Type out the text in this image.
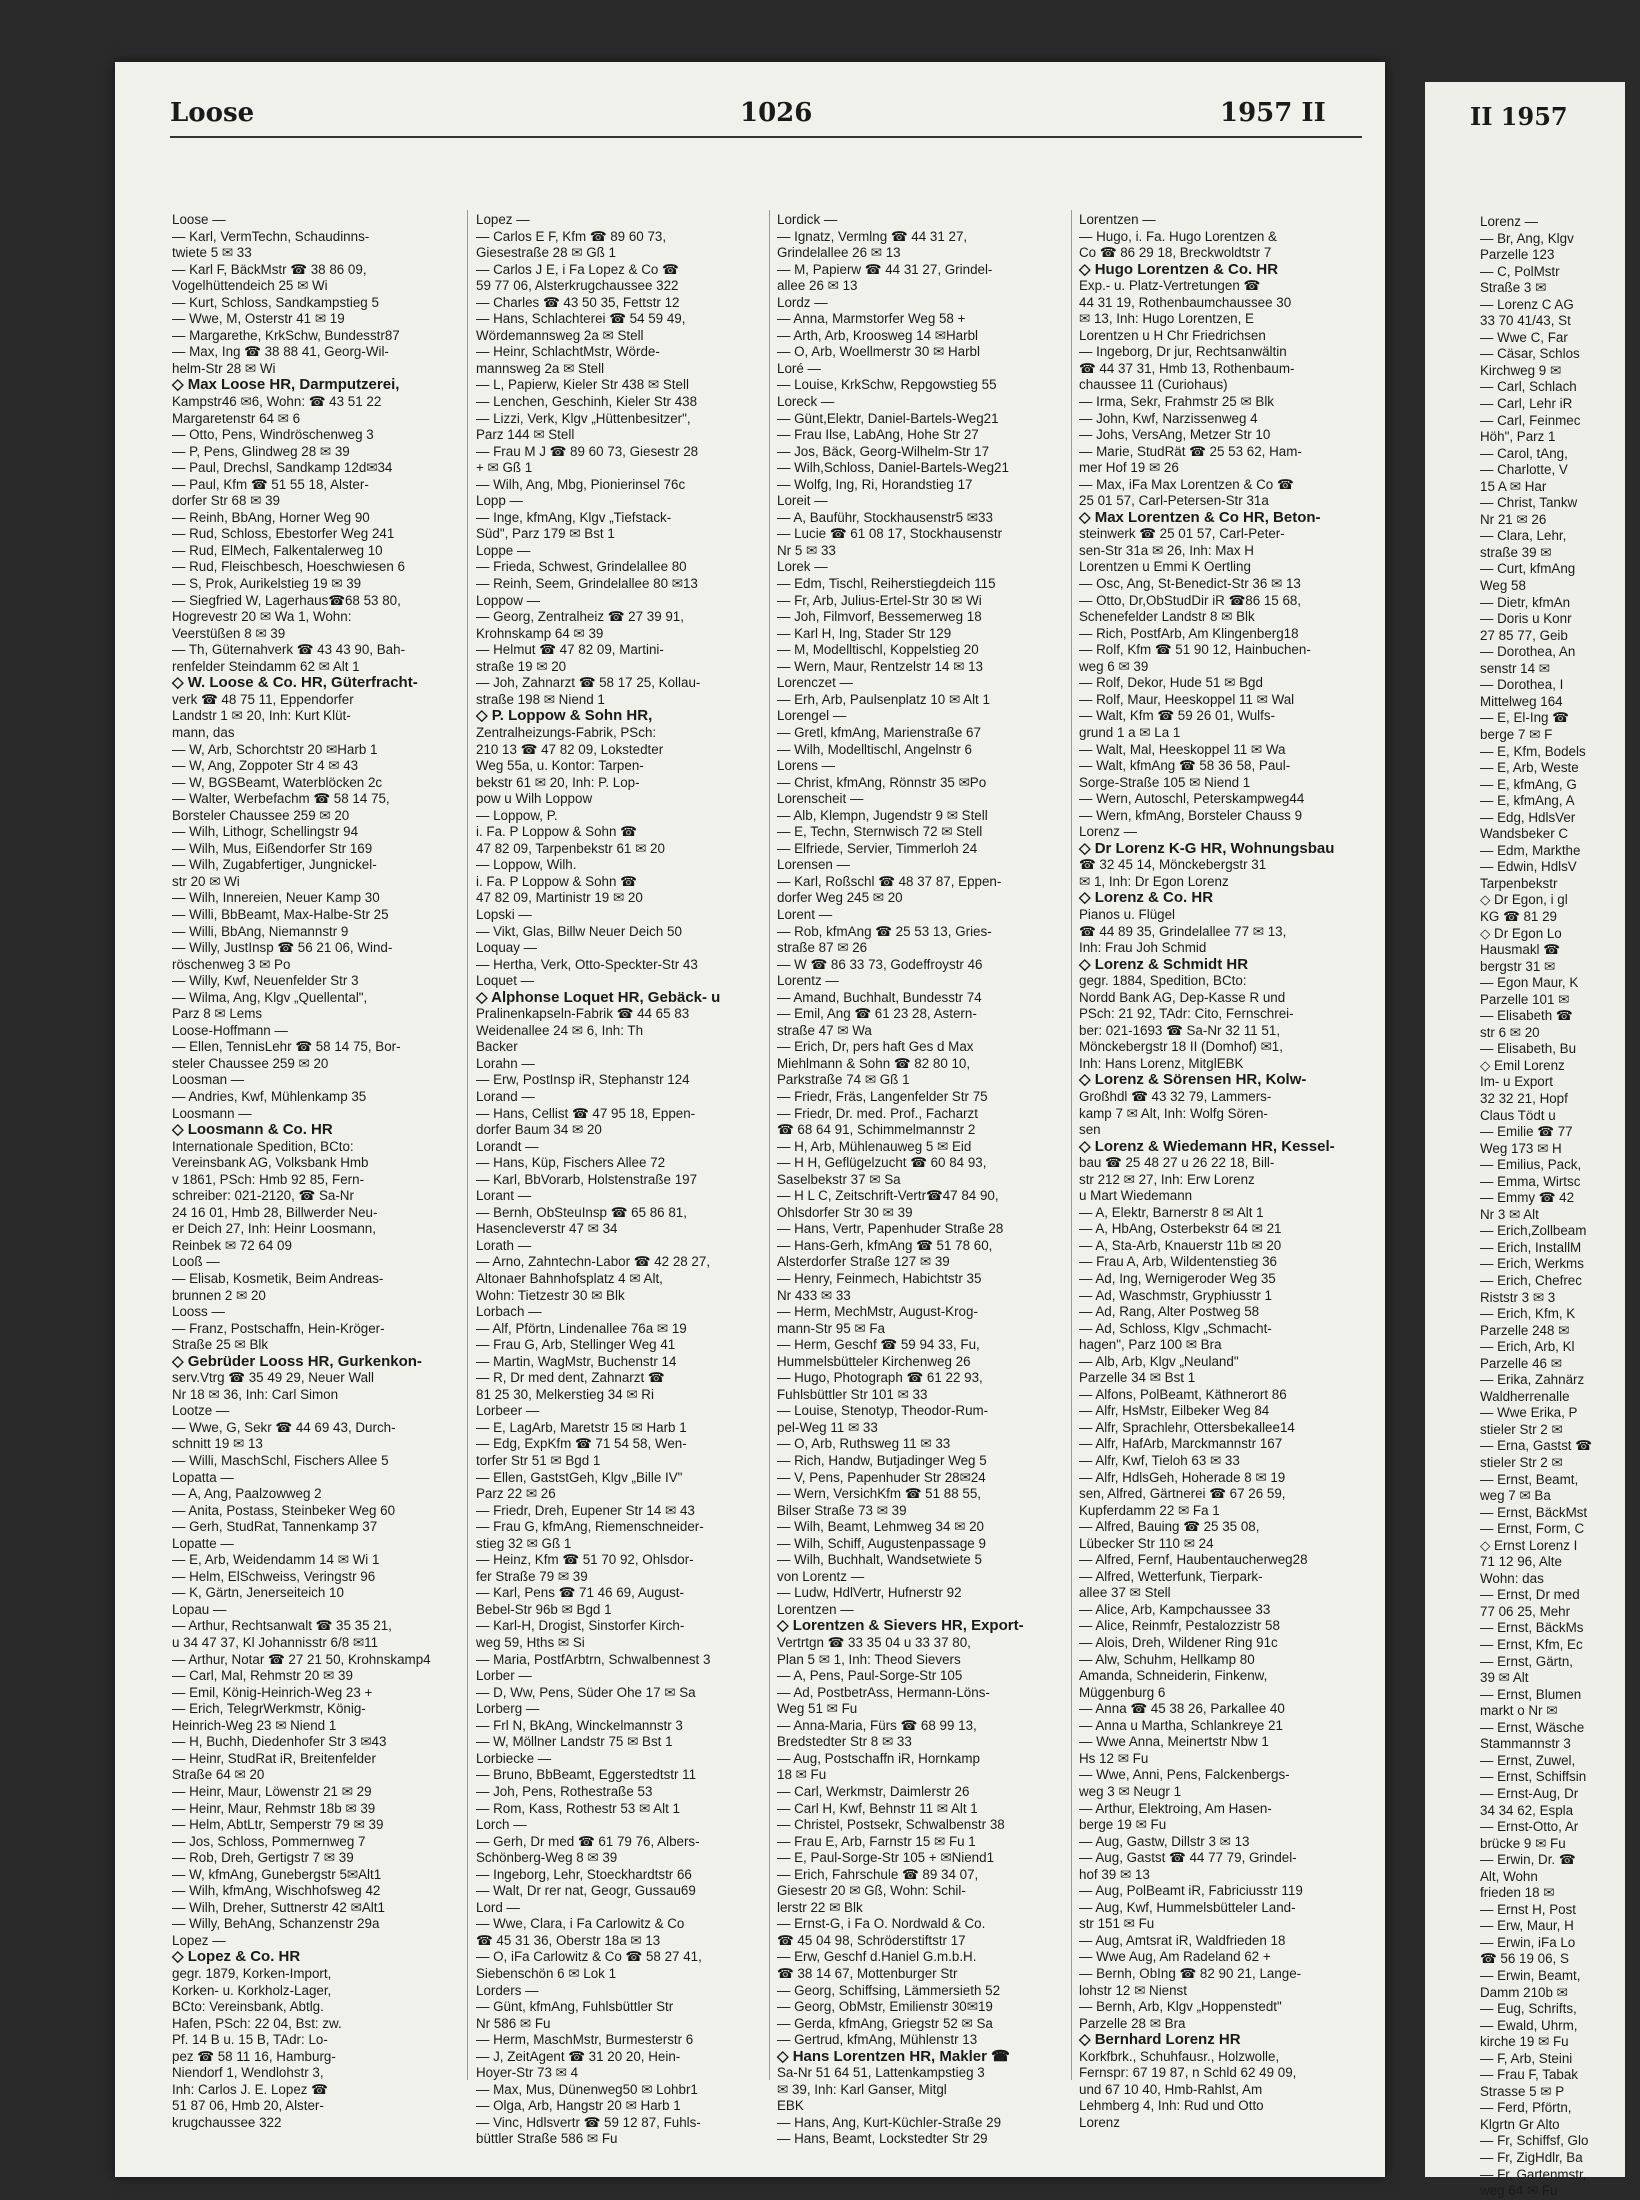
II 1957

Lorenz —

— Br, Ang, Klgv

Parzelle 123

— C, PolMstr

Straße 3 ✉

— Lorenz C AG

33 70 41/43, St

— Wwe C, Far

— Cäsar, Schlos

Kirchweg 9 ✉

— Carl, Schlach

— Carl, Lehr iR

— Carl, Feinmec

Höh", Parz 1

— Carol, tAng,

— Charlotte, V

15 A ✉ Har

— Christ, Tankw

Nr 21 ✉ 26

— Clara, Lehr,

straße 39 ✉

— Curt, kfmAng

Weg 58

— Dietr, kfmAn

— Doris u Konr

27 85 77, Geib

— Dorothea, An

senstr 14 ✉

— Dorothea, I

Mittelweg 164

— E, El-Ing ☎

berge 7 ✉ F

— E, Kfm, Bodels

— E, Arb, Weste

— E, kfmAng, G

— E, kfmAng, A

— Edg, HdlsVer

Wandsbeker C

— Edm, Markthe

— Edwin, HdlsV

Tarpenbekstr

◇ Dr Egon, i gl

KG ☎ 81 29

◇ Dr Egon Lo

Hausmakl ☎

bergstr 31 ✉

— Egon Maur, K

Parzelle 101 ✉

— Elisabeth ☎

str 6 ✉ 20

— Elisabeth, Bu

◇ Emil Lorenz

Im- u Export

32 32 21, Hopf

Claus Tödt u

— Emilie ☎ 77

Weg 173 ✉ H

— Emilius, Pack,

— Emma, Wirtsc

— Emmy ☎ 42

Nr 3 ✉ Alt

— Erich,Zollbeam

— Erich, InstallM

— Erich, Werkms

— Erich, Chefrec

Riststr 3 ✉ 3

— Erich, Kfm, K

Parzelle 248 ✉

— Erich, Arb, Kl

Parzelle 46 ✉

— Erika, Zahnärz

Waldherrenalle

— Wwe Erika, P

stieler Str 2 ✉

— Erna, Gastst ☎

stieler Str 2 ✉

— Ernst, Beamt,

weg 7 ✉ Ba

— Ernst, BäckMst

— Ernst, Form, C

◇ Ernst Lorenz I

71 12 96, Alte

Wohn: das

— Ernst, Dr med

77 06 25, Mehr

— Ernst, BäckMs

— Ernst, Kfm, Ec

— Ernst, Gärtn,

39 ✉ Alt

— Ernst, Blumen

markt o Nr ✉

— Ernst, Wäsche

Stammannstr 3

— Ernst, Zuwel,

— Ernst, Schiffsin

— Ernst-Aug, Dr

34 34 62, Espla

— Ernst-Otto, Ar

brücke 9 ✉ Fu

— Erwin, Dr. ☎

Alt, Wohn

frieden 18 ✉

— Ernst H, Post

— Erw, Maur, H

— Erwin, iFa Lo

☎ 56 19 06, S

— Erwin, Beamt,

Damm 210b ✉

— Eug, Schrifts,

— Ewald, Uhrm,

kirche 19 ✉ Fu

— F, Arb, Steini

— Frau F, Tabak

Strasse 5 ✉ P

— Ferd, Pförtn,

Klgrtn Gr Alto

— Fr, Schiffsf, Glo

— Fr, ZigHdlr, Ba

— Fr, Gartenmstr,

weg 64 ✉ Fu

Loose	1026	1957 II

Loose —

— Karl, VermTechn, Schaudinns-

twiete 5 ✉ 33

— Karl F, BäckMstr ☎ 38 86 09,

Vogelhüttendeich 25 ✉ Wi

— Kurt, Schloss, Sandkampstieg 5

— Wwe, M, Osterstr 41 ✉ 19

— Margarethe, KrkSchw, Bundesstr87

— Max, Ing ☎ 38 88 41, Georg-Wil-

helm-Str 28 ✉ Wi

◇ Max Loose HR, Darmputzerei,

Kampstr46 ✉6, Wohn: ☎ 43 51 22

Margaretenstr 64 ✉ 6

— Otto, Pens, Windröschenweg 3

— P, Pens, Glindweg 28 ✉ 39

— Paul, Drechsl, Sandkamp 12d✉34

— Paul, Kfm ☎ 51 55 18, Alster-

dorfer Str 68 ✉ 39

— Reinh, BbAng, Horner Weg 90

— Rud, Schloss, Ebestorfer Weg 241

— Rud, ElMech, Falkentalerweg 10

— Rud, Fleischbesch, Hoeschwiesen 6

— S, Prok, Aurikelstieg 19 ✉ 39

— Siegfried W, Lagerhaus☎68 53 80,

Hogrevestr 20 ✉ Wa 1, Wohn:

Veerstüßen 8 ✉ 39

— Th, Güternahverk ☎ 43 43 90, Bah-

renfelder Steindamm 62 ✉ Alt 1

◇ W. Loose & Co. HR, Güterfracht-

verk ☎ 48 75 11, Eppendorfer

Landstr 1 ✉ 20, Inh: Kurt Klüt-

mann, das

— W, Arb, Schorchtstr 20 ✉Harb 1

— W, Ang, Zoppoter Str 4 ✉ 43

— W, BGSBeamt, Waterblöcken 2c

— Walter, Werbefachm ☎ 58 14 75,

Borsteler Chaussee 259 ✉ 20

— Wilh, Lithogr, Schellingstr 94

— Wilh, Mus, Eißendorfer Str 169

— Wilh, Zugabfertiger, Jungnickel-

str 20 ✉ Wi

— Wilh, Innereien, Neuer Kamp 30

— Willi, BbBeamt, Max-Halbe-Str 25

— Willi, BbAng, Niemannstr 9

— Willy, JustInsp ☎ 56 21 06, Wind-

röschenweg 3 ✉ Po

— Willy, Kwf, Neuenfelder Str 3

— Wilma, Ang, Klgv „Quellental",

Parz 8 ✉ Lems

Loose-Hoffmann —

— Ellen, TennisLehr ☎ 58 14 75, Bor-

steler Chaussee 259 ✉ 20

Loosman —

— Andries, Kwf, Mühlenkamp 35

Loosmann —

◇ Loosmann & Co. HR

Internationale Spedition, BCto:

Vereinsbank AG, Volksbank Hmb

v 1861, PSch: Hmb 92 85, Fern-

schreiber: 021-2120, ☎ Sa-Nr

24 16 01, Hmb 28, Billwerder Neu-

er Deich 27, Inh: Heinr Loosmann,

Reinbek ✉ 72 64 09

Looß —

— Elisab, Kosmetik, Beim Andreas-

brunnen 2 ✉ 20

Looss —

— Franz, Postschaffn, Hein-Kröger-

Straße 25 ✉ Blk

◇ Gebrüder Looss HR, Gurkenkon-

serv.Vtrg ☎ 35 49 29, Neuer Wall

Nr 18 ✉ 36, Inh: Carl Simon

Lootze —

— Wwe, G, Sekr ☎ 44 69 43, Durch-

schnitt 19 ✉ 13

— Willi, MaschSchl, Fischers Allee 5

Lopatta —

— A, Ang, Paalzowweg 2

— Anita, Postass, Steinbeker Weg 60

— Gerh, StudRat, Tannenkamp 37

Lopatte —

— E, Arb, Weidendamm 14 ✉ Wi 1

— Helm, ElSchweiss, Veringstr 96

— K, Gärtn, Jenerseiteich 10

Lopau —

— Arthur, Rechtsanwalt ☎ 35 35 21,

u 34 47 37, Kl Johannisstr 6/8 ✉11

— Arthur, Notar ☎ 27 21 50, Krohnskamp4

— Carl, Mal, Rehmstr 20 ✉ 39

— Emil, König-Heinrich-Weg 23 +

— Erich, TelegrWerkmstr, König-

Heinrich-Weg 23 ✉ Niend 1

— H, Buchh, Diedenhofer Str 3 ✉43

— Heinr, StudRat iR, Breitenfelder

Straße 64 ✉ 20

— Heinr, Maur, Löwenstr 21 ✉ 29

— Heinr, Maur, Rehmstr 18b ✉ 39

— Helm, AbtLtr, Semperstr 79 ✉ 39

— Jos, Schloss, Pommernweg 7

— Rob, Dreh, Gertigstr 7 ✉ 39

— W, kfmAng, Gunebergstr 5✉Alt1

— Wilh, kfmAng, Wischhofsweg 42

— Wilh, Dreher, Suttnerstr 42 ✉Alt1

— Willy, BehAng, Schanzenstr 29a

Lopez —

◇ Lopez & Co. HR

gegr. 1879, Korken-Import,

Korken- u. Korkholz-Lager,

BCto: Vereinsbank, Abtlg.

Hafen, PSch: 22 04, Bst: zw.

Pf. 14 B u. 15 B, TAdr: Lo-

pez ☎ 58 11 16, Hamburg-

Niendorf 1, Wendlohstr 3,

Inh: Carlos J. E. Lopez ☎

51 87 06, Hmb 20, Alster-

krugchaussee 322

Lopez —

— Carlos E F, Kfm ☎ 89 60 73,

Giesestraße 28 ✉ Gß 1

— Carlos J E, i Fa Lopez & Co ☎

59 77 06, Alsterkrugchaussee 322

— Charles ☎ 43 50 35, Fettstr 12

— Hans, Schlachterei ☎ 54 59 49,

Wördemannsweg 2a ✉ Stell

— Heinr, SchlachtMstr, Wörde-

mannsweg 2a ✉ Stell

— L, Papierw, Kieler Str 438 ✉ Stell

— Lenchen, Geschinh, Kieler Str 438

— Lizzi, Verk, Klgv „Hüttenbesitzer",

Parz 144 ✉ Stell

— Frau M J ☎ 89 60 73, Giesestr 28

+ ✉ Gß 1

— Wilh, Ang, Mbg, Pionierinsel 76c

Lopp —

— Inge, kfmAng, Klgv „Tiefstack-

Süd", Parz 179 ✉ Bst 1

Loppe —

— Frieda, Schwest, Grindelallee 80

— Reinh, Seem, Grindelallee 80 ✉13

Loppow —

— Georg, Zentralheiz ☎ 27 39 91,

Krohnskamp 64 ✉ 39

— Helmut ☎ 47 82 09, Martini-

straße 19 ✉ 20

— Joh, Zahnarzt ☎ 58 17 25, Kollau-

straße 198 ✉ Niend 1

◇ P. Loppow & Sohn HR,

Zentralheizungs-Fabrik, PSch:

210 13 ☎ 47 82 09, Lokstedter

Weg 55a, u. Kontor: Tarpen-

bekstr 61 ✉ 20, Inh: P. Lop-

pow u Wilh Loppow

— Loppow, P.

i. Fa. P Loppow & Sohn ☎

47 82 09, Tarpenbekstr 61 ✉ 20

— Loppow, Wilh.

i. Fa. P Loppow & Sohn ☎

47 82 09, Martinistr 19 ✉ 20

Lopski —

— Vikt, Glas, Billw Neuer Deich 50

Loquay —

— Hertha, Verk, Otto-Speckter-Str 43

Loquet —

◇ Alphonse Loquet HR, Gebäck- u

Pralinenkapseln-Fabrik ☎ 44 65 83

Weidenallee 24 ✉ 6, Inh: Th

Backer

Lorahn —

— Erw, PostInsp iR, Stephanstr 124

Lorand —

— Hans, Cellist ☎ 47 95 18, Eppen-

dorfer Baum 34 ✉ 20

Lorandt —

— Hans, Küp, Fischers Allee 72

— Karl, BbVorarb, Holstenstraße 197

Lorant —

— Bernh, ObSteuInsp ☎ 65 86 81,

Hasencleverstr 47 ✉ 34

Lorath —

— Arno, Zahntechn-Labor ☎ 42 28 27,

Altonaer Bahnhofsplatz 4 ✉ Alt,

Wohn: Tietzestr 30 ✉ Blk

Lorbach —

— Alf, Pförtn, Lindenallee 76a ✉ 19

— Frau G, Arb, Stellinger Weg 41

— Martin, WagMstr, Buchenstr 14

— R, Dr med dent, Zahnarzt ☎

81 25 30, Melkerstieg 34 ✉ Ri

Lorbeer —

— E, LagArb, Maretstr 15 ✉ Harb 1

— Edg, ExpKfm ☎ 71 54 58, Wen-

torfer Str 51 ✉ Bgd 1

— Ellen, GaststGeh, Klgv „Bille IV"

Parz 22 ✉ 26

— Friedr, Dreh, Eupener Str 14 ✉ 43

— Frau G, kfmAng, Riemenschneider-

stieg 32 ✉ Gß 1

— Heinz, Kfm ☎ 51 70 92, Ohlsdor-

fer Straße 79 ✉ 39

— Karl, Pens ☎ 71 46 69, August-

Bebel-Str 96b ✉ Bgd 1

— Karl-H, Drogist, Sinstorfer Kirch-

weg 59, Hths ✉ Si

— Maria, PostfArbtrn, Schwalbennest 3

Lorber —

— D, Ww, Pens, Süder Ohe 17 ✉ Sa

Lorberg —

— Frl N, BkAng, Winckelmannstr 3

— W, Möllner Landstr 75 ✉ Bst 1

Lorbiecke —

— Bruno, BbBeamt, Eggerstedtstr 11

— Joh, Pens, Rothestraße 53

— Rom, Kass, Rothestr 53 ✉ Alt 1

Lorch —

— Gerh, Dr med ☎ 61 79 76, Albers-

Schönberg-Weg 8 ✉ 39

— Ingeborg, Lehr, Stoeckhardtstr 66

— Walt, Dr rer nat, Geogr, Gussau69

Lord —

— Wwe, Clara, i Fa Carlowitz & Co

☎ 45 31 36, Oberstr 18a ✉ 13

— O, iFa Carlowitz & Co ☎ 58 27 41,

Siebenschön 6 ✉ Lok 1

Lorders —

— Günt, kfmAng, Fuhlsbüttler Str

Nr 586 ✉ Fu

— Herm, MaschMstr, Burmesterstr 6

— J, ZeitAgent ☎ 31 20 20, Hein-

Hoyer-Str 73 ✉ 4

— Max, Mus, Dünenweg50 ✉ Lohbr1

— Olga, Arb, Hangstr 20 ✉ Harb 1

— Vinc, Hdlsvertr ☎ 59 12 87, Fuhls-

büttler Straße 586 ✉ Fu

Lordick —

— Ignatz, Vermlng ☎ 44 31 27,

Grindelallee 26 ✉ 13

— M, Papierw ☎ 44 31 27, Grindel-

allee 26 ✉ 13

Lordz —

— Anna, Marmstorfer Weg 58 +

— Arth, Arb, Kroosweg 14 ✉Harbl

— O, Arb, Woellmerstr 30 ✉ Harbl

Loré —

— Louise, KrkSchw, Repgowstieg 55

Loreck —

— Günt,Elektr, Daniel-Bartels-Weg21

— Frau Ilse, LabAng, Hohe Str 27

— Jos, Bäck, Georg-Wilhelm-Str 17

— Wilh,Schloss, Daniel-Bartels-Weg21

— Wolfg, Ing, Ri, Horandstieg 17

Loreit —

— A, Bauführ, Stockhausenstr5 ✉33

— Lucie ☎ 61 08 17, Stockhausenstr

Nr 5 ✉ 33

Lorek —

— Edm, Tischl, Reiherstiegdeich 115

— Fr, Arb, Julius-Ertel-Str 30 ✉ Wi

— Joh, Filmvorf, Bessemerweg 18

— Karl H, Ing, Stader Str 129

— M, Modelltischl, Koppelstieg 20

— Wern, Maur, Rentzelstr 14 ✉ 13

Lorenczet —

— Erh, Arb, Paulsenplatz 10 ✉ Alt 1

Lorengel —

— Gretl, kfmAng, Marienstraße 67

— Wilh, Modelltischl, Angelnstr 6

Lorens —

— Christ, kfmAng, Rönnstr 35 ✉Po

Lorenscheit —

— Alb, Klempn, Jugendstr 9 ✉ Stell

— E, Techn, Sternwisch 72 ✉ Stell

— Elfriede, Servier, Timmerloh 24

Lorensen —

— Karl, Roßschl ☎ 48 37 87, Eppen-

dorfer Weg 245 ✉ 20

Lorent —

— Rob, kfmAng ☎ 25 53 13, Gries-

straße 87 ✉ 26

— W ☎ 86 33 73, Godeffroystr 46

Lorentz —

— Amand, Buchhalt, Bundesstr 74

— Emil, Ang ☎ 61 23 28, Astern-

straße 47 ✉ Wa

— Erich, Dr, pers haft Ges d Max

Miehlmann & Sohn ☎ 82 80 10,

Parkstraße 74 ✉ Gß 1

— Friedr, Fräs, Langenfelder Str 75

— Friedr, Dr. med. Prof., Facharzt

☎ 68 64 91, Schimmelmannstr 2

— H, Arb, Mühlenauweg 5 ✉ Eid

— H H, Geflügelzucht ☎ 60 84 93,

Saselbekstr 37 ✉ Sa

— H L C, Zeitschrift-Vertr☎47 84 90,

Ohlsdorfer Str 30 ✉ 39

— Hans, Vertr, Papenhuder Straße 28

— Hans-Gerh, kfmAng ☎ 51 78 60,

Alsterdorfer Straße 127 ✉ 39

— Henry, Feinmech, Habichtstr 35

Nr 433 ✉ 33

— Herm, MechMstr, August-Krog-

mann-Str 95 ✉ Fa

— Herm, Geschf ☎ 59 94 33, Fu,

Hummelsbütteler Kirchenweg 26

— Hugo, Photograph ☎ 61 22 93,

Fuhlsbüttler Str 101 ✉ 33

— Louise, Stenotyp, Theodor-Rum-

pel-Weg 11 ✉ 33

— O, Arb, Ruthsweg 11 ✉ 33

— Rich, Handw, Butjadinger Weg 5

— V, Pens, Papenhuder Str 28✉24

— Wern, VersichKfm ☎ 51 88 55,

Bilser Straße 73 ✉ 39

— Wilh, Beamt, Lehmweg 34 ✉ 20

— Wilh, Schiff, Augustenpassage 9

— Wilh, Buchhalt, Wandsetwiete 5

von Lorentz —

— Ludw, HdlVertr, Hufnerstr 92

Lorentzen —

◇ Lorentzen & Sievers HR, Export-

Vertrtgn ☎ 33 35 04 u 33 37 80,

Plan 5 ✉ 1, Inh: Theod Sievers

— A, Pens, Paul-Sorge-Str 105

— Ad, PostbetrAss, Hermann-Löns-

Weg 51 ✉ Fu

— Anna-Maria, Fürs ☎ 68 99 13,

Bredstedter Str 8 ✉ 33

— Aug, Postschaffn iR, Hornkamp

18 ✉ Fu

— Carl, Werkmstr, Daimlerstr 26

— Carl H, Kwf, Behnstr 11 ✉ Alt 1

— Christel, Postsekr, Schwalbenstr 38

— Frau E, Arb, Farnstr 15 ✉ Fu 1

— E, Paul-Sorge-Str 105 + ✉Niend1

— Erich, Fahrschule ☎ 89 34 07,

Giesestr 20 ✉ Gß, Wohn: Schil-

lerstr 22 ✉ Blk

— Ernst-G, i Fa O. Nordwald & Co.

☎ 45 04 98, Schröderstiftstr 17

— Erw, Geschf d.Haniel G.m.b.H.

☎ 38 14 67, Mottenburger Str

— Georg, Schiffsing, Lämmersieth 52

— Georg, ObMstr, Emilienstr 30✉19

— Gerda, kfmAng, Griegstr 52 ✉ Sa

— Gertrud, kfmAng, Mühlenstr 13

◇ Hans Lorentzen HR, Makler ☎

Sa-Nr 51 64 51, Lattenkampstieg 3

✉ 39, Inh: Karl Ganser, Mitgl

EBK

— Hans, Ang, Kurt-Küchler-Straße 29

— Hans, Beamt, Lockstedter Str 29

Lorentzen —

— Hugo, i. Fa. Hugo Lorentzen &

Co ☎ 86 29 18, Breckwoldtstr 7

◇ Hugo Lorentzen & Co. HR

Exp.- u. Platz-Vertretungen ☎

44 31 19, Rothenbaumchaussee 30

✉ 13, Inh: Hugo Lorentzen, E

Lorentzen u H Chr Friedrichsen

— Ingeborg, Dr jur, Rechtsanwältin

☎ 44 37 31, Hmb 13, Rothenbaum-

chaussee 11 (Curiohaus)

— Irma, Sekr, Frahmstr 25 ✉ Blk

— John, Kwf, Narzissenweg 4

— Johs, VersAng, Metzer Str 10

— Marie, StudRät ☎ 25 53 62, Ham-

mer Hof 19 ✉ 26

— Max, iFa Max Lorentzen & Co ☎

25 01 57, Carl-Petersen-Str 31a

◇ Max Lorentzen & Co HR, Beton-

steinwerk ☎ 25 01 57, Carl-Peter-

sen-Str 31a ✉ 26, Inh: Max H

Lorentzen u Emmi K Oertling

— Osc, Ang, St-Benedict-Str 36 ✉ 13

— Otto, Dr,ObStudDir iR ☎86 15 68,

Schenefelder Landstr 8 ✉ Blk

— Rich, PostfArb, Am Klingenberg18

— Rolf, Kfm ☎ 51 90 12, Hainbuchen-

weg 6 ✉ 39

— Rolf, Dekor, Hude 51 ✉ Bgd

— Rolf, Maur, Heeskoppel 11 ✉ Wal

— Walt, Kfm ☎ 59 26 01, Wulfs-

grund 1 a ✉ La 1

— Walt, Mal, Heeskoppel 11 ✉ Wa

— Walt, kfmAng ☎ 58 36 58, Paul-

Sorge-Straße 105 ✉ Niend 1

— Wern, Autoschl, Peterskampweg44

— Wern, kfmAng, Borsteler Chauss 9

Lorenz —

◇ Dr Lorenz K-G HR, Wohnungsbau

☎ 32 45 14, Mönckebergstr 31

✉ 1, Inh: Dr Egon Lorenz

◇ Lorenz & Co. HR

Pianos u. Flügel

☎ 44 89 35, Grindelallee 77 ✉ 13,

Inh: Frau Joh Schmid

◇ Lorenz & Schmidt HR

gegr. 1884, Spedition, BCto:

Nordd Bank AG, Dep-Kasse R und

PSch: 21 92, TAdr: Cito, Fernschrei-

ber: 021-1693 ☎ Sa-Nr 32 11 51,

Mönckebergstr 18 II (Domhof) ✉1,

Inh: Hans Lorenz, MitglEBK

◇ Lorenz & Sörensen HR, Kolw-

Großhdl ☎ 43 32 79, Lammers-

kamp 7 ✉ Alt, Inh: Wolfg Sören-

sen

◇ Lorenz & Wiedemann HR, Kessel-

bau ☎ 25 48 27 u 26 22 18, Bill-

str 212 ✉ 27, Inh: Erw Lorenz

u Mart Wiedemann

— A, Elektr, Barnerstr 8 ✉ Alt 1

— A, HbAng, Osterbekstr 64 ✉ 21

— A, Sta-Arb, Knauerstr 11b ✉ 20

— Frau A, Arb, Wildentenstieg 36

— Ad, Ing, Wernigeroder Weg 35

— Ad, Waschmstr, Gryphiusstr 1

— Ad, Rang, Alter Postweg 58

— Ad, Schloss, Klgv „Schmacht-

hagen", Parz 100 ✉ Bra

— Alb, Arb, Klgv „Neuland"

Parzelle 34 ✉ Bst 1

— Alfons, PolBeamt, Käthnerort 86

— Alfr, HsMstr, Eilbeker Weg 84

— Alfr, Sprachlehr, Ottersbekallee14

— Alfr, HafArb, Marckmannstr 167

— Alfr, Kwf, Tieloh 63 ✉ 33

— Alfr, HdlsGeh, Hoherade 8 ✉ 19

sen, Alfred, Gärtnerei ☎ 67 26 59,

Kupferdamm 22 ✉ Fa 1

— Alfred, Bauing ☎ 25 35 08,

Lübecker Str 110 ✉ 24

— Alfred, Fernf, Haubentaucherweg28

— Alfred, Wetterfunk, Tierpark-

allee 37 ✉ Stell

— Alice, Arb, Kampchaussee 33

— Alice, Reinmfr, Pestalozzistr 58

— Alois, Dreh, Wildener Ring 91c

— Alw, Schuhm, Hellkamp 80

Amanda, Schneiderin, Finkenw,

Müggenburg 6

— Anna ☎ 45 38 26, Parkallee 40

— Anna u Martha, Schlankreye 21

— Wwe Anna, Meinertstr Nbw 1

Hs 12 ✉ Fu

— Wwe, Anni, Pens, Falckenbergs-

weg 3 ✉ Neugr 1

— Arthur, Elektroing, Am Hasen-

berge 19 ✉ Fu

— Aug, Gastw, Dillstr 3 ✉ 13

— Aug, Gastst ☎ 44 77 79, Grindel-

hof 39 ✉ 13

— Aug, PolBeamt iR, Fabriciusstr 119

— Aug, Kwf, Hummelsbütteler Land-

str 151 ✉ Fu

— Aug, Amtsrat iR, Waldfrieden 18

— Wwe Aug, Am Radeland 62 +

— Bernh, ObIng ☎ 82 90 21, Lange-

lohstr 12 ✉ Nienst

— Bernh, Arb, Klgv „Hoppenstedt"

Parzelle 28 ✉ Bra

◇ Bernhard Lorenz HR

Korkfbrk., Schuhfausr., Holzwolle,

Fernspr: 67 19 87, n Schld 62 49 09,

und 67 10 40, Hmb-Rahlst, Am

Lehmberg 4, Inh: Rud und Otto

Lorenz
